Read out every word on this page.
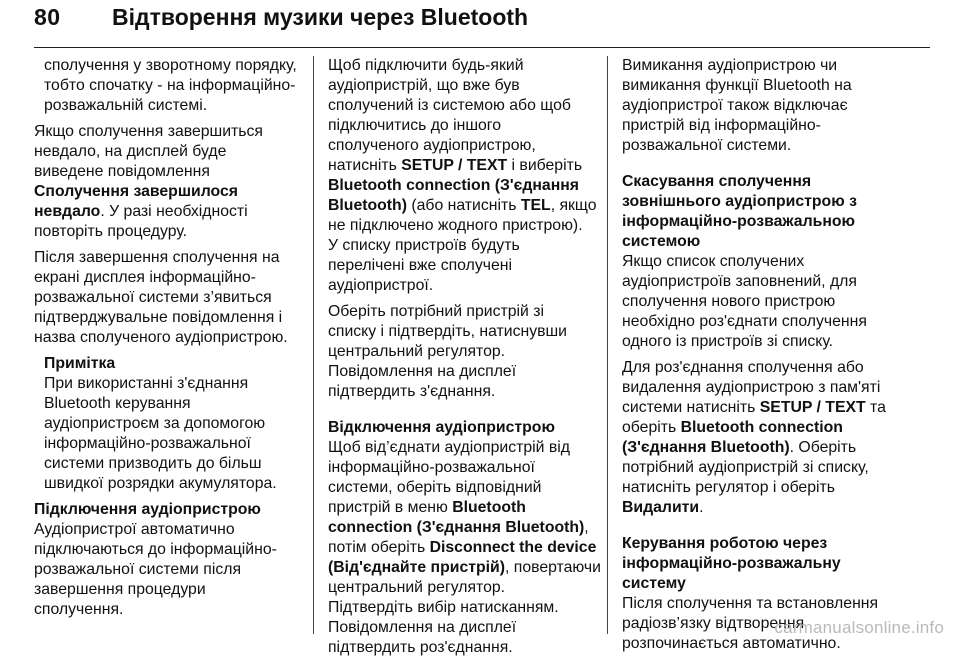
80 Відтворення музики через Bluetooth
сполучення у зворотному порядку,
тобто спочатку - на інформаційно-
розважальній системі.
Якщо сполучення завершиться
невдало, на дисплей буде
виведене повідомлення
Сполучення завершилося
невдало. У разі необхідності
повторіть процедуру.
Після завершення сполучення на
екрані дисплея інформаційно-
розважальної системи з’явиться
підтверджувальне повідомлення і
назва сполученого аудіопристрою.
Примітка
При використанні з'єднання
Bluetooth керування
аудіопристроєм за допомогою
інформаційно-розважальної
системи призводить до більш
швидкої розрядки акумулятора.
Підключення аудіопристрою
Аудіопристрої автоматично
підключаються до інформаційно-
розважальної системи після
завершення процедури
сполучення.
Щоб підключити будь-який
аудіопристрій, що вже був
сполучений із системою або щоб
підключитись до іншого
сполученого аудіопристрою,
натисніть SETUP / TEXT і виберіть
Bluetooth connection (З'єднання
Bluetooth) (або натисніть TEL, якщо
не підключено жодного пристрою).
У списку пристроїв будуть
перелічені вже сполучені
аудіопристрої.
Оберіть потрібний пристрій зі
списку і підтвердіть, натиснувши
центральний регулятор.
Повідомлення на дисплеї
підтвердить з'єднання.
Відключення аудіопристрою
Щоб від’єднати аудіопристрій від
інформаційно-розважальної
системи, оберіть відповідний
пристрій в меню Bluetooth
connection (З'єднання Bluetooth),
потім оберіть Disconnect the device
(Від'єднайте пристрій), повертаючи
центральний регулятор.
Підтвердіть вибір натисканням.
Повідомлення на дисплеї
підтвердить роз'єднання.
Вимикання аудіопристрою чи
вимикання функції Bluetooth на
аудіопристрої також відключає
пристрій від інформаційно-
розважальної системи.
Скасування сполучення
зовнішнього аудіопристрою з
інформаційно-розважальною
системою
Якщо список сполучених
аудіопристроїв заповнений, для
сполучення нового пристрою
необхідно роз'єднати сполучення
одного із пристроїв зі списку.
Для роз'єднання сполучення або
видалення аудіопристрою з пам'яті
системи натисніть SETUP / TEXT та
оберіть Bluetooth connection
(З'єднання Bluetooth). Оберіть
потрібний аудіопристрій зі списку,
натисніть регулятор і оберіть
Видалити.
Керування роботою через
інформаційно-розважальну
систему
Після сполучення та встановлення
радіозв’язку відтворення
розпочинається автоматично.
carmanualsonline.info
